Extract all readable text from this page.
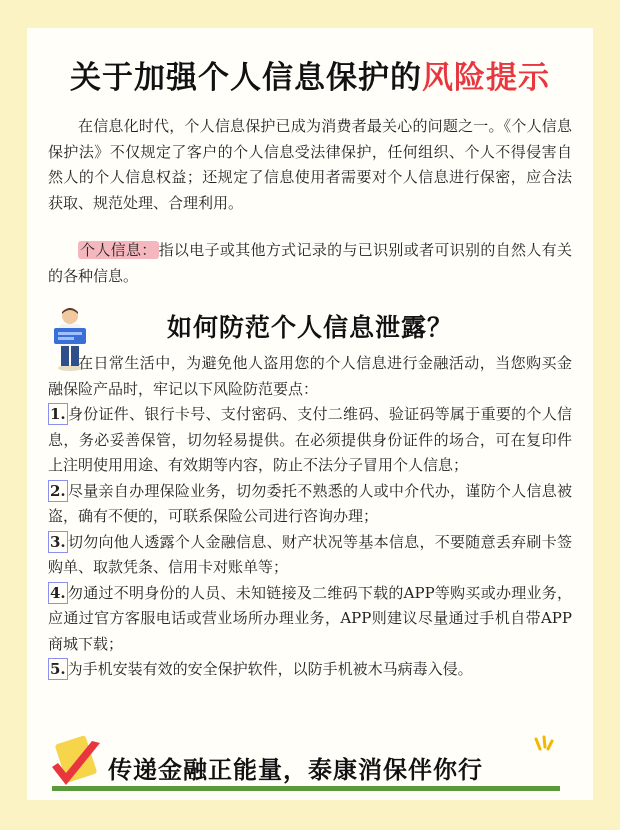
关于加强个人信息保护的风险提示

在信息化时代，个人信息保护已成为消费者最关心的问题之一。《个人信息保护法》不仅规定了客户的个人信息受法律保护，任何组织、个人不得侵害自然人的个人信息权益；还规定了信息使用者需要对个人信息进行保密，应合法获取、规范处理、合理利用。

个人信息： 指以电子或其他方式记录的与已识别或者可识别的自然人有关的各种信息。

如何防范个人信息泄露？

在日常生活中，为避免他人盗用您的个人信息进行金融活动，当您购买金融保险产品时，牢记以下风险防范要点：

1. 身份证件、银行卡号、支付密码、支付二维码、验证码等属于重要的个人信息，务必妥善保管，切勿轻易提供。在必须提供身份证件的场合，可在复印件上注明使用用途、有效期等内容，防止不法分子冒用个人信息；
2. 尽量亲自办理保险业务，切勿委托不熟悉的人或中介代办，谨防个人信息被盗，确有不便的，可联系保险公司进行咨询办理；
3. 切勿向他人透露个人金融信息、财产状况等基本信息，不要随意丢弃刷卡签购单、取款凭条、信用卡对账单等；
4. 勿通过不明身份的人员、未知链接及二维码下载的APP等购买或办理业务，应通过官方客服电话或营业场所办理业务，APP则建议尽量通过手机自带APP商城下载；
5. 为手机安装有效的安全保护软件，以防手机被木马病毒入侵。
传递金融正能量，泰康消保伴你行
